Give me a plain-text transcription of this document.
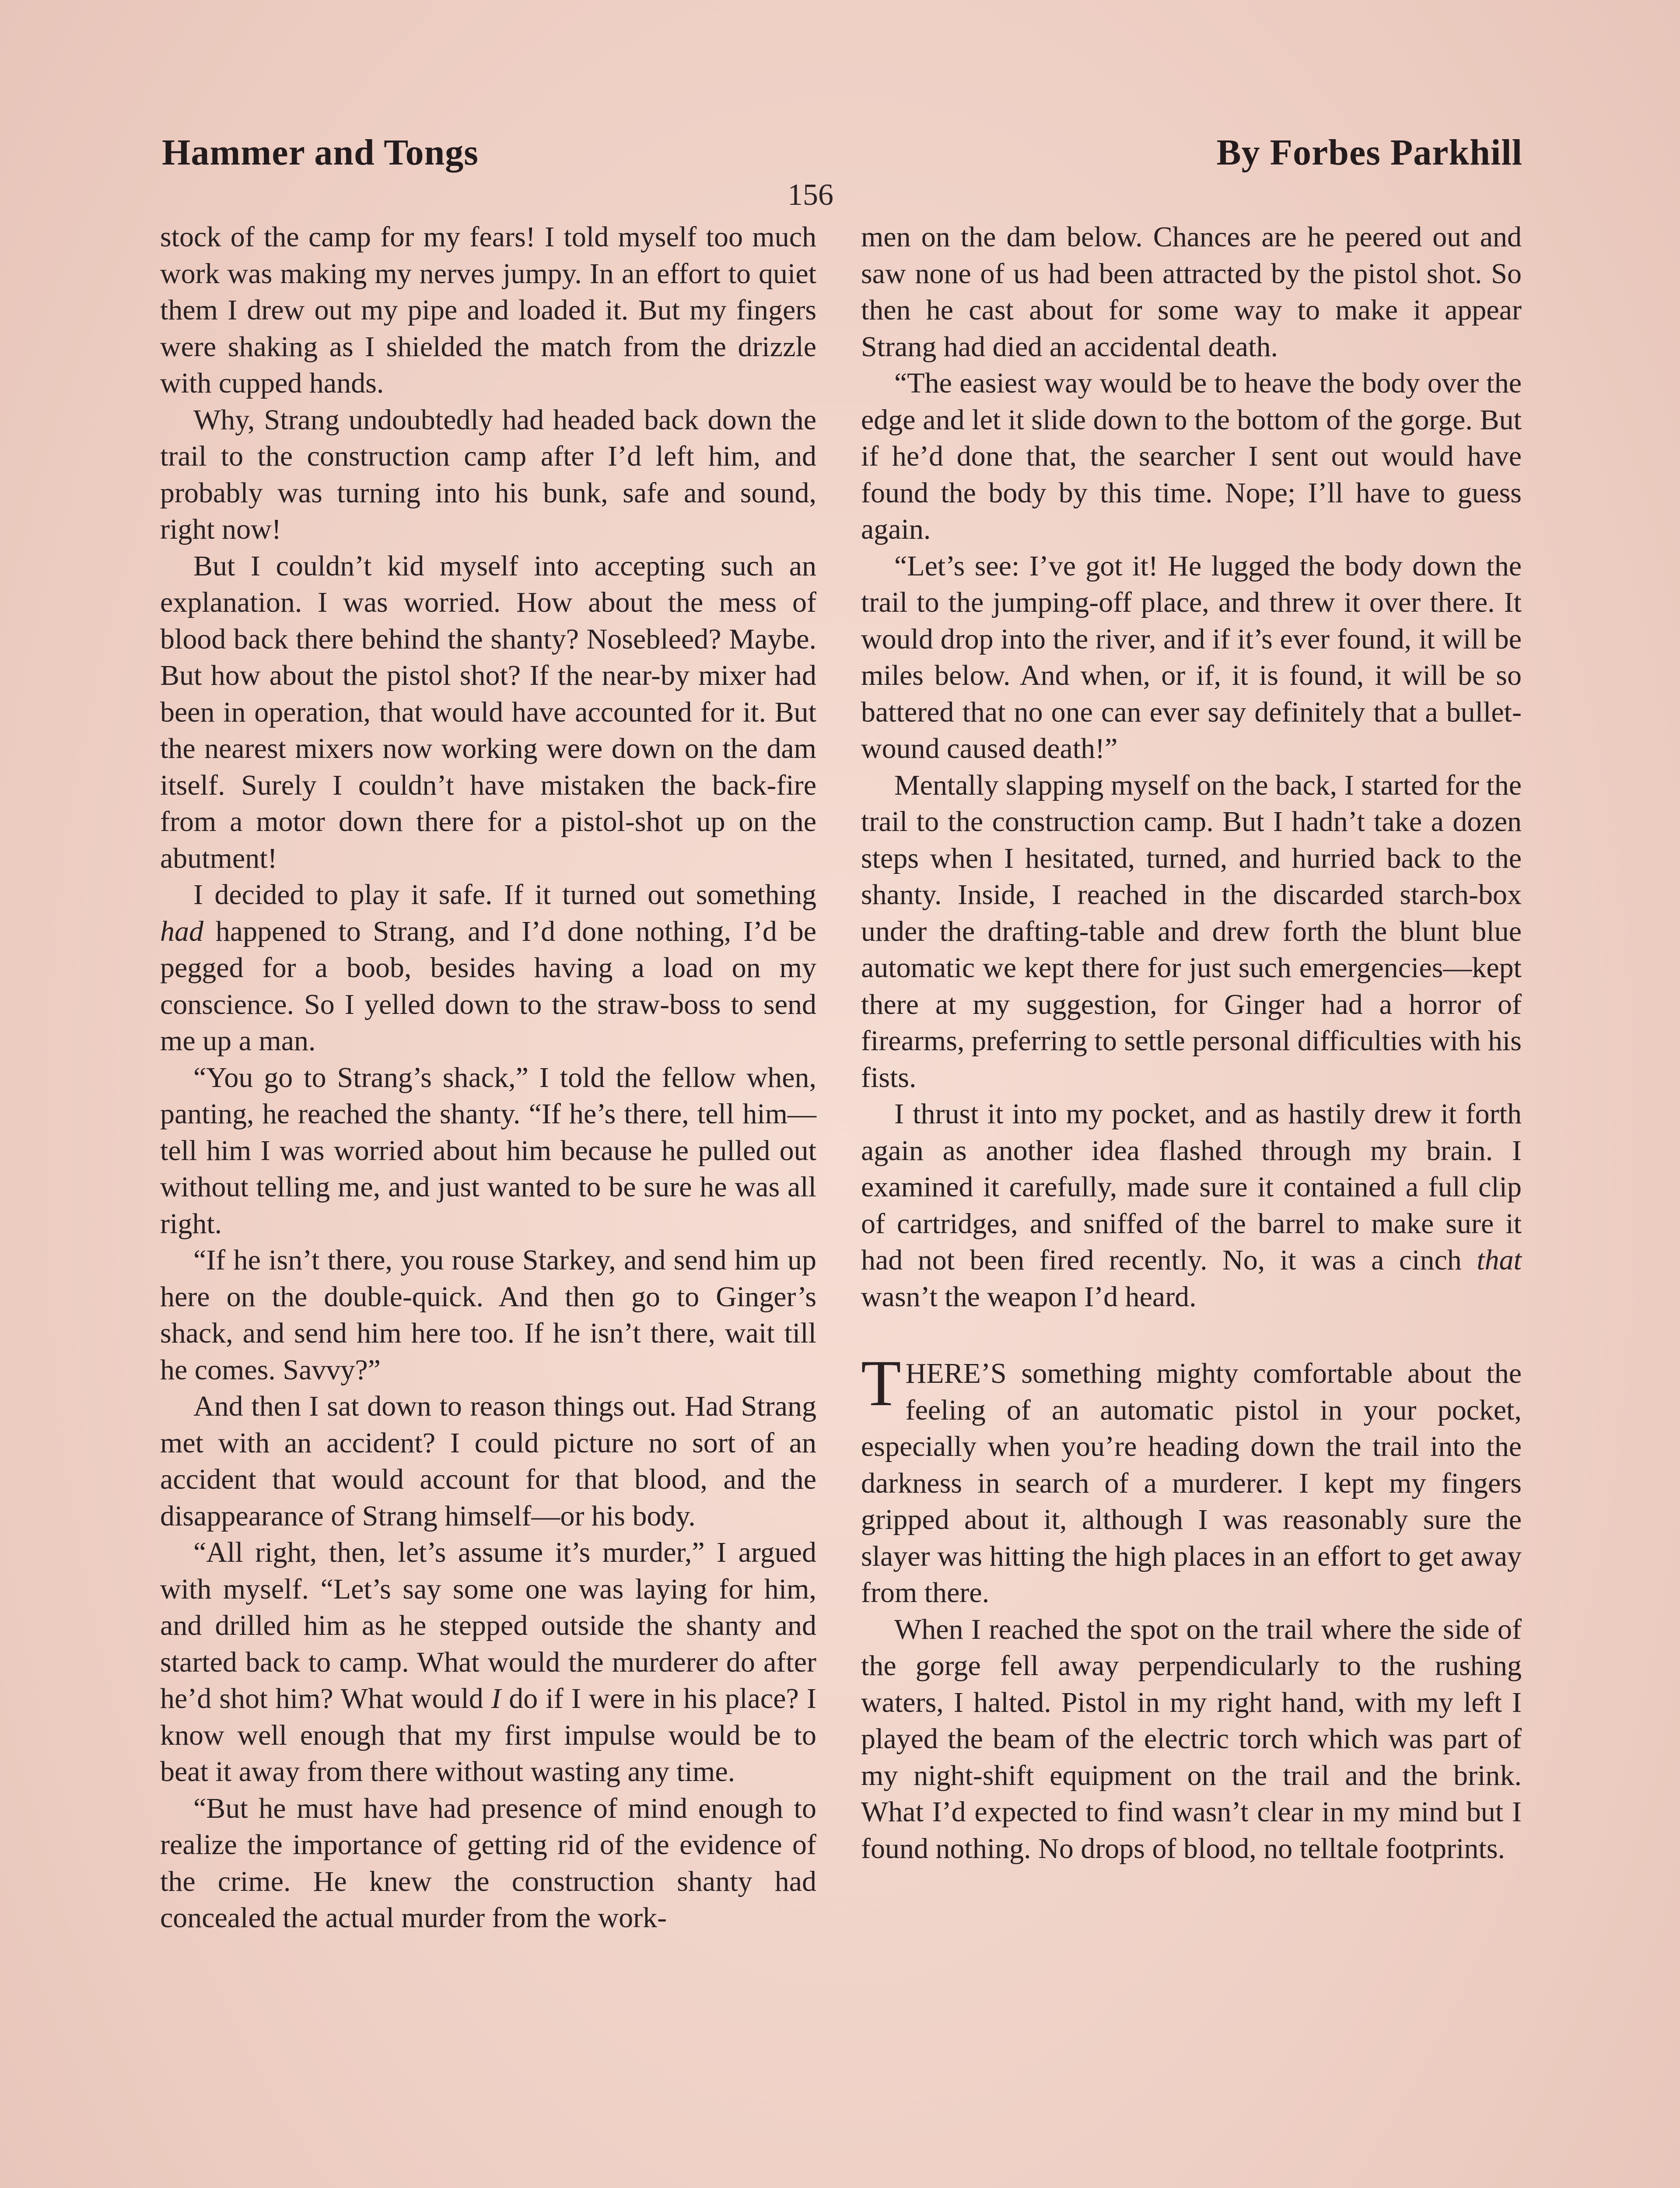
Hammer and Tongs	By Forbes Parkhill
156

stock of the camp for my fears! I told myself too much work was making my nerves jumpy. In an effort to quiet them I drew out my pipe and loaded it. But my fingers were shaking as I shielded the match from the drizzle with cupped hands.

Why, Strang undoubtedly had headed back down the trail to the construction camp after I’d left him, and probably was turning into his bunk, safe and sound, right now!

But I couldn’t kid myself into accepting such an explanation. I was worried. How about the mess of blood back there behind the shanty? Nosebleed? Maybe. But how about the pistol shot? If the near-by mixer had been in operation, that would have accounted for it. But the nearest mixers now working were down on the dam itself. Surely I couldn’t have mistaken the back-fire from a motor down there for a pistol-shot up on the abutment!

I decided to play it safe. If it turned out something had happened to Strang, and I’d done nothing, I’d be pegged for a boob, besides having a load on my conscience. So I yelled down to the straw-boss to send me up a man.

“You go to Strang’s shack,” I told the fellow when, panting, he reached the shanty. “If he’s there, tell him—tell him I was worried about him because he pulled out without telling me, and just wanted to be sure he was all right.

“If he isn’t there, you rouse Starkey, and send him up here on the double-quick. And then go to Ginger’s shack, and send him here too. If he isn’t there, wait till he comes. Savvy?”

And then I sat down to reason things out. Had Strang met with an accident? I could picture no sort of an accident that would account for that blood, and the disappearance of Strang himself—or his body.

“All right, then, let’s assume it’s murder,” I argued with myself. “Let’s say some one was laying for him, and drilled him as he stepped outside the shanty and started back to camp. What would the murderer do after he’d shot him? What would I do if I were in his place? I know well enough that my first impulse would be to beat it away from there without wasting any time.

“But he must have had presence of mind enough to realize the importance of getting rid of the evidence of the crime. He knew the construction shanty had concealed the actual murder from the work-

men on the dam below. Chances are he peered out and saw none of us had been attracted by the pistol shot. So then he cast about for some way to make it appear Strang had died an accidental death.

“The easiest way would be to heave the body over the edge and let it slide down to the bottom of the gorge. But if he’d done that, the searcher I sent out would have found the body by this time. Nope; I’ll have to guess again.

“Let’s see: I’ve got it! He lugged the body down the trail to the jumping-off place, and threw it over there. It would drop into the river, and if it’s ever found, it will be miles below. And when, or if, it is found, it will be so battered that no one can ever say definitely that a bullet-wound caused death!”

Mentally slapping myself on the back, I started for the trail to the construction camp. But I hadn’t take a dozen steps when I hesitated, turned, and hurried back to the shanty. Inside, I reached in the discarded starch-box under the drafting-table and drew forth the blunt blue automatic we kept there for just such emergencies—kept there at my suggestion, for Ginger had a horror of firearms, preferring to settle personal difficulties with his fists.

I thrust it into my pocket, and as hastily drew it forth again as another idea flashed through my brain. I examined it carefully, made sure it contained a full clip of cartridges, and sniffed of the barrel to make sure it had not been fired recently. No, it was a cinch that wasn’t the weapon I’d heard.

THERE’S something mighty comfortable about the feeling of an automatic pistol in your pocket, especially when you’re heading down the trail into the darkness in search of a murderer. I kept my fingers gripped about it, although I was reasonably sure the slayer was hitting the high places in an effort to get away from there.

When I reached the spot on the trail where the side of the gorge fell away perpendicularly to the rushing waters, I halted. Pistol in my right hand, with my left I played the beam of the electric torch which was part of my night-shift equipment on the trail and the brink. What I’d expected to find wasn’t clear in my mind but I found nothing. No drops of blood, no telltale footprints.
